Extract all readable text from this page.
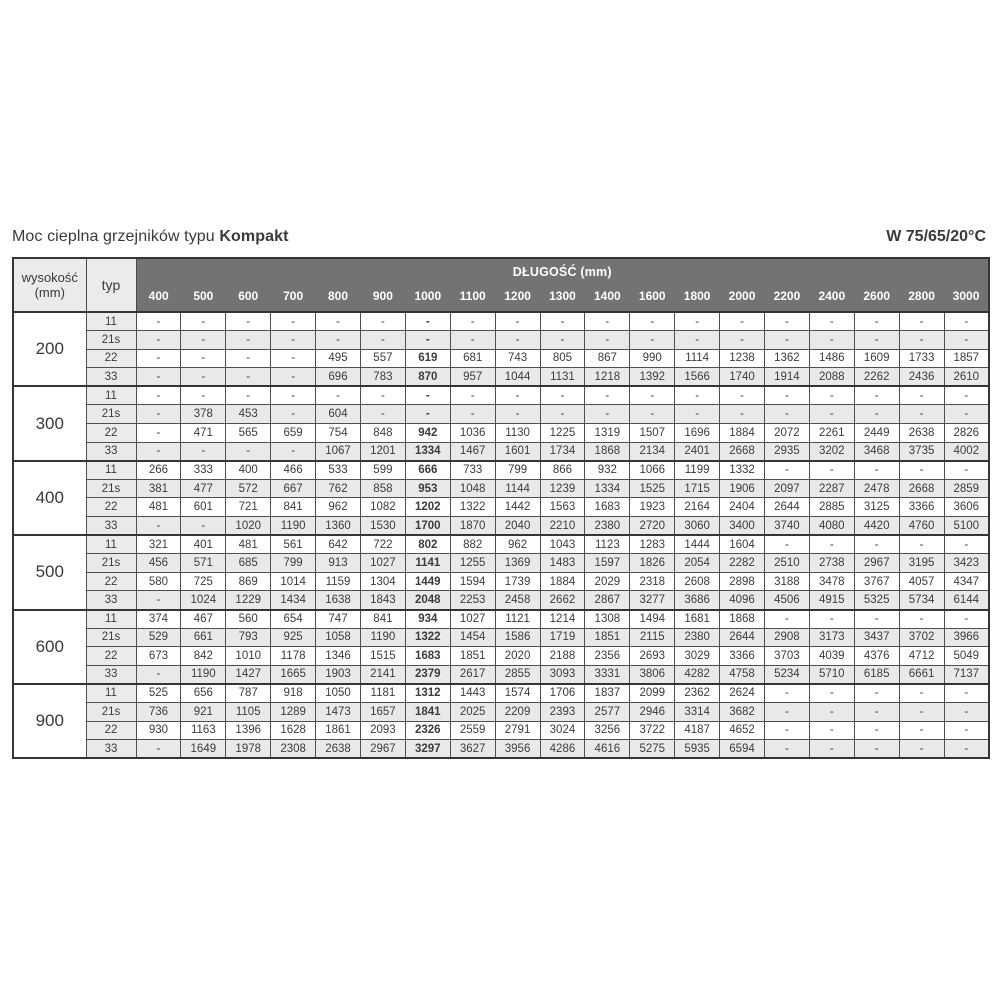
Moc cieplna grzejników typu Kompakt	W 75/65/20°C
wysokość
(mm)	typ	DŁUGOŚĆ (mm)																		
		400	500	600	700	800	900	1000	1100	1200	1300	1400	1600	1800	2000	2200	2400	2600	2800	3000
200	11	-	-	-	-	-	-	-	-	-	-	-	-	-	-	-	-	-	-	-
	21s	-	-	-	-	-	-	-	-	-	-	-	-	-	-	-	-	-	-	-
	22	-	-	-	-	495	557	619	681	743	805	867	990	1114	1238	1362	1486	1609	1733	1857
	33	-	-	-	-	696	783	870	957	1044	1131	1218	1392	1566	1740	1914	2088	2262	2436	2610
300	11	-	-	-	-	-	-	-	-	-	-	-	-	-	-	-	-	-	-	-
	21s	-	378	453	-	604	-	-	-	-	-	-	-	-	-	-	-	-	-	-
	22	-	471	565	659	754	848	942	1036	1130	1225	1319	1507	1696	1884	2072	2261	2449	2638	2826
	33	-	-	-	-	1067	1201	1334	1467	1601	1734	1868	2134	2401	2668	2935	3202	3468	3735	4002
400	11	266	333	400	466	533	599	666	733	799	866	932	1066	1199	1332	-	-	-	-	-
	21s	381	477	572	667	762	858	953	1048	1144	1239	1334	1525	1715	1906	2097	2287	2478	2668	2859
	22	481	601	721	841	962	1082	1202	1322	1442	1563	1683	1923	2164	2404	2644	2885	3125	3366	3606
	33	-	-	1020	1190	1360	1530	1700	1870	2040	2210	2380	2720	3060	3400	3740	4080	4420	4760	5100
500	11	321	401	481	561	642	722	802	882	962	1043	1123	1283	1444	1604	-	-	-	-	-
	21s	456	571	685	799	913	1027	1141	1255	1369	1483	1597	1826	2054	2282	2510	2738	2967	3195	3423
	22	580	725	869	1014	1159	1304	1449	1594	1739	1884	2029	2318	2608	2898	3188	3478	3767	4057	4347
	33	-	1024	1229	1434	1638	1843	2048	2253	2458	2662	2867	3277	3686	4096	4506	4915	5325	5734	6144
600	11	374	467	560	654	747	841	934	1027	1121	1214	1308	1494	1681	1868	-	-	-	-	-
	21s	529	661	793	925	1058	1190	1322	1454	1586	1719	1851	2115	2380	2644	2908	3173	3437	3702	3966
	22	673	842	1010	1178	1346	1515	1683	1851	2020	2188	2356	2693	3029	3366	3703	4039	4376	4712	5049
	33	-	1190	1427	1665	1903	2141	2379	2617	2855	3093	3331	3806	4282	4758	5234	5710	6185	6661	7137
900	11	525	656	787	918	1050	1181	1312	1443	1574	1706	1837	2099	2362	2624	-	-	-	-	-
	21s	736	921	1105	1289	1473	1657	1841	2025	2209	2393	2577	2946	3314	3682	-	-	-	-	-
	22	930	1163	1396	1628	1861	2093	2326	2559	2791	3024	3256	3722	4187	4652	-	-	-	-	-
	33	-	1649	1978	2308	2638	2967	3297	3627	3956	4286	4616	5275	5935	6594	-	-	-	-	-
